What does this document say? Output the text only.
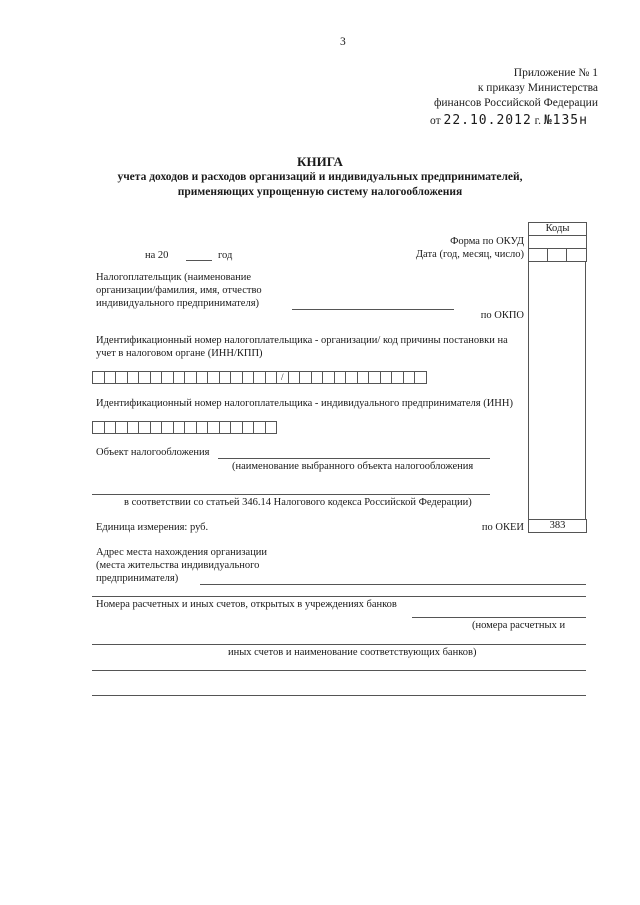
3
Приложение № 1
к приказу Министерства
финансов Российской Федерации
от 22.10.2012 г. №135н
КНИГА
учета доходов и расходов организаций и индивидуальных предпринимателей,
применяющих упрощенную систему налогообложения
Коды
383
Форма по ОКУД
Дата (год, месяц, число)
на 20	год
Налогоплательщик (наименование
организации/фамилия, имя, отчество
индивидуального предпринимателя)
по ОКПО
Идентификационный номер налогоплательщика - организации/ код причины постановки на
учет в налоговом органе (ИНН/КПП)
/
Идентификационный номер налогоплательщика - индивидуального предпринимателя (ИНН)
Объект налогообложения
(наименование выбранного объекта налогообложения
в соответствии со статьей 346.14 Налогового кодекса Российской Федерации)
Единица измерения: руб.	по ОКЕИ
Адрес места нахождения организации
(места жительства индивидуального
предпринимателя)
Номера расчетных и иных счетов, открытых в учреждениях банков
(номера расчетных и
иных счетов и наименование соответствующих банков)
